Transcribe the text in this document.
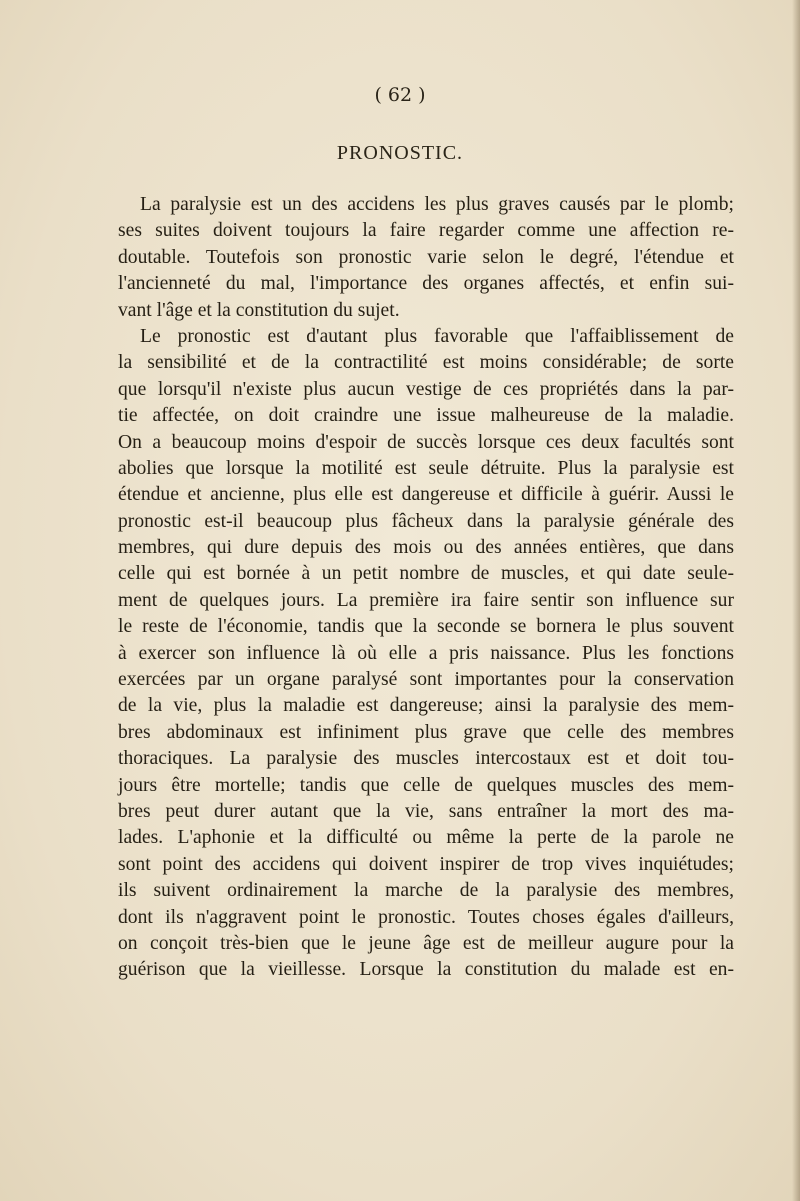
( 62 )
PRONOSTIC.
La paralysie est un des accidens les plus graves causés par le plomb;
ses suites doivent toujours la faire regarder comme une affection re-
doutable. Toutefois son pronostic varie selon le degré, l'étendue et
l'ancienneté du mal, l'importance des organes affectés, et enfin sui-
vant l'âge et la constitution du sujet.
Le pronostic est d'autant plus favorable que l'affaiblissement de
la sensibilité et de la contractilité est moins considérable; de sorte
que lorsqu'il n'existe plus aucun vestige de ces propriétés dans la par-
tie affectée, on doit craindre une issue malheureuse de la maladie.
On a beaucoup moins d'espoir de succès lorsque ces deux facultés sont
abolies que lorsque la motilité est seule détruite. Plus la paralysie est
étendue et ancienne, plus elle est dangereuse et difficile à guérir. Aussi le
pronostic est-il beaucoup plus fâcheux dans la paralysie générale des
membres, qui dure depuis des mois ou des années entières, que dans
celle qui est bornée à un petit nombre de muscles, et qui date seule-
ment de quelques jours. La première ira faire sentir son influence sur
le reste de l'économie, tandis que la seconde se bornera le plus souvent
à exercer son influence là où elle a pris naissance. Plus les fonctions
exercées par un organe paralysé sont importantes pour la conservation
de la vie, plus la maladie est dangereuse; ainsi la paralysie des mem-
bres abdominaux est infiniment plus grave que celle des membres
thoraciques. La paralysie des muscles intercostaux est et doit tou-
jours être mortelle; tandis que celle de quelques muscles des mem-
bres peut durer autant que la vie, sans entraîner la mort des ma-
lades. L'aphonie et la difficulté ou même la perte de la parole ne
sont point des accidens qui doivent inspirer de trop vives inquiétudes;
ils suivent ordinairement la marche de la paralysie des membres,
dont ils n'aggravent point le pronostic. Toutes choses égales d'ailleurs,
on conçoit très-bien que le jeune âge est de meilleur augure pour la
guérison que la vieillesse. Lorsque la constitution du malade est en-
